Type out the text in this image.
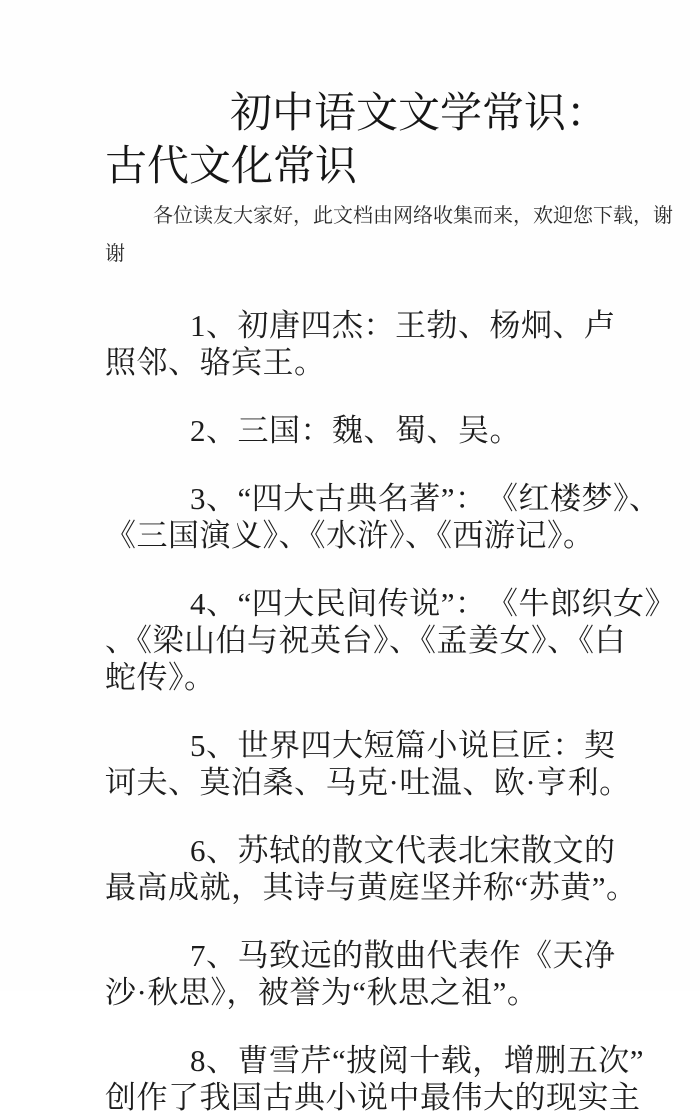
初中语文文学常识：
古代文化常识
各位读友大家好，此文档由网络收集而来，欢迎您下载，谢
谢

1、初唐四杰：王勃、杨炯、卢
照邻、骆宾王。

2、三国：魏、蜀、吴。

3、“四大古典名著”：　《红楼梦》、
《三国演义》、《水浒》、《西游记》。

4、“四大民间传说”：　《牛郎织女》
、《梁山伯与祝英台》、《孟姜女》、《白
蛇传》。

5、世界四大短篇小说巨匠：契
诃夫、莫泊桑、马克·吐温、欧·亨利。

6、苏轼的散文代表北宋散文的
最高成就，其诗与黄庭坚并称“苏黄”。

7、马致远的散曲代表作《天净
沙·秋思》，被誉为“秋思之祖”。

8、曹雪芹“披阅十载，增删五次”
创作了我国古典小说中最伟大的现实主
